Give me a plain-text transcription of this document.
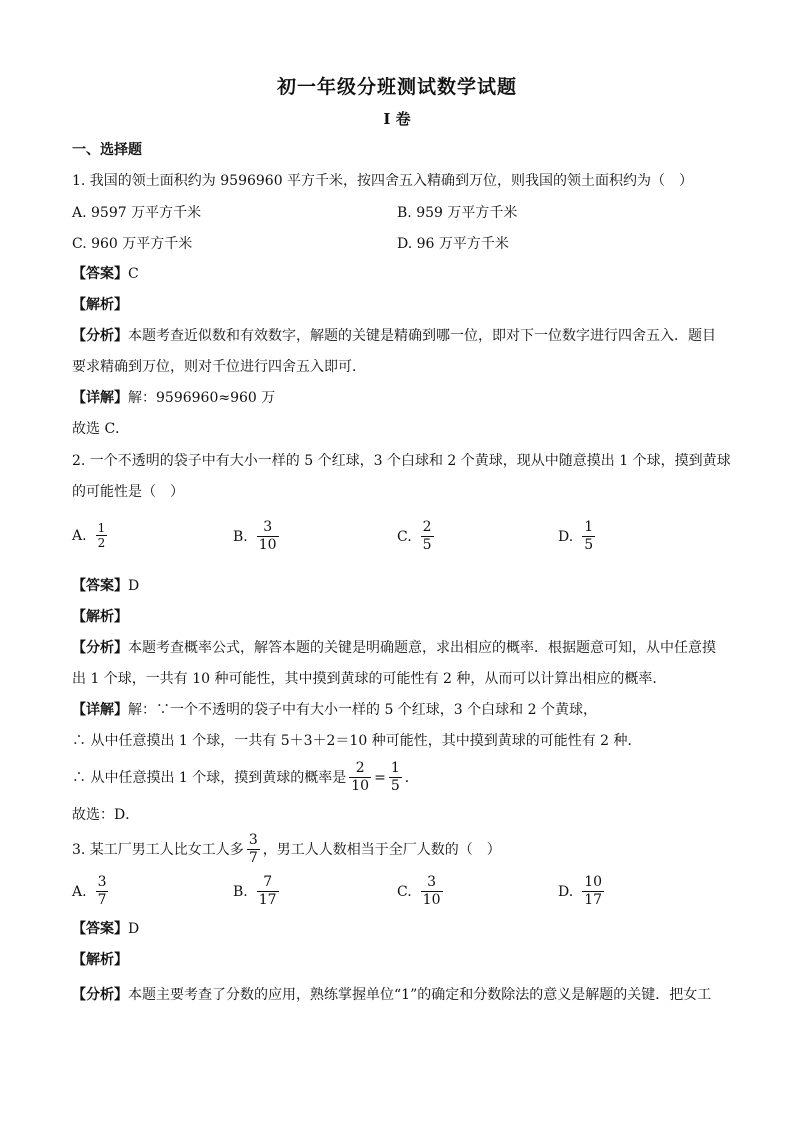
初一年级分班测试数学试题
I 卷
一、选择题
1. 我国的领土面积约为 9596960 平方千米，按四舍五入精确到万位，则我国的领土面积约为（　）
A. 9597 万平方千米	B. 959 万平方千米
C. 960 万平方千米	D. 96 万平方千米
【答案】C
【解析】
【分析】本题考查近似数和有效数字，解题的关键是精确到哪一位，即对下一位数字进行四舍五入．题目
要求精确到万位，则对千位进行四舍五入即可．
【详解】解：9596960≈960 万
故选 C．
2. 一个不透明的袋子中有大小一样的 5 个红球，3 个白球和 2 个黄球，现从中随意摸出 1 个球，摸到黄球
的可能性是（　）
A. $\frac{1}{2}$	B. $\frac{3}{10}$	C. $\frac{2}{5}$	D. $\frac{1}{5}$
【答案】D
【解析】
【分析】本题考查概率公式，解答本题的关键是明确题意，求出相应的概率．根据题意可知，从中任意摸
出 1 个球，一共有 10 种可能性，其中摸到黄球的可能性有 2 种，从而可以计算出相应的概率．
【详解】解：∵一个不透明的袋子中有大小一样的 5 个红球，3 个白球和 2 个黄球，
∴ 从中任意摸出 1 个球，一共有 5＋3＋2＝10 种可能性，其中摸到黄球的可能性有 2 种．
∴ 从中任意摸出 1 个球，摸到黄球的概率是 $\frac{2}{10} = \frac{1}{5}$ ．
故选：D．
3. 某工厂男工人比女工人多 $\frac{3}{7}$ ，男工人人数相当于全厂人数的（　）
A. $\frac{3}{7}$	B. $\frac{7}{17}$	C. $\frac{3}{10}$	D. $\frac{10}{17}$
【答案】D
【解析】
【分析】本题主要考查了分数的应用，熟练掌握单位“1”的确定和分数除法的意义是解题的关键．把女工
